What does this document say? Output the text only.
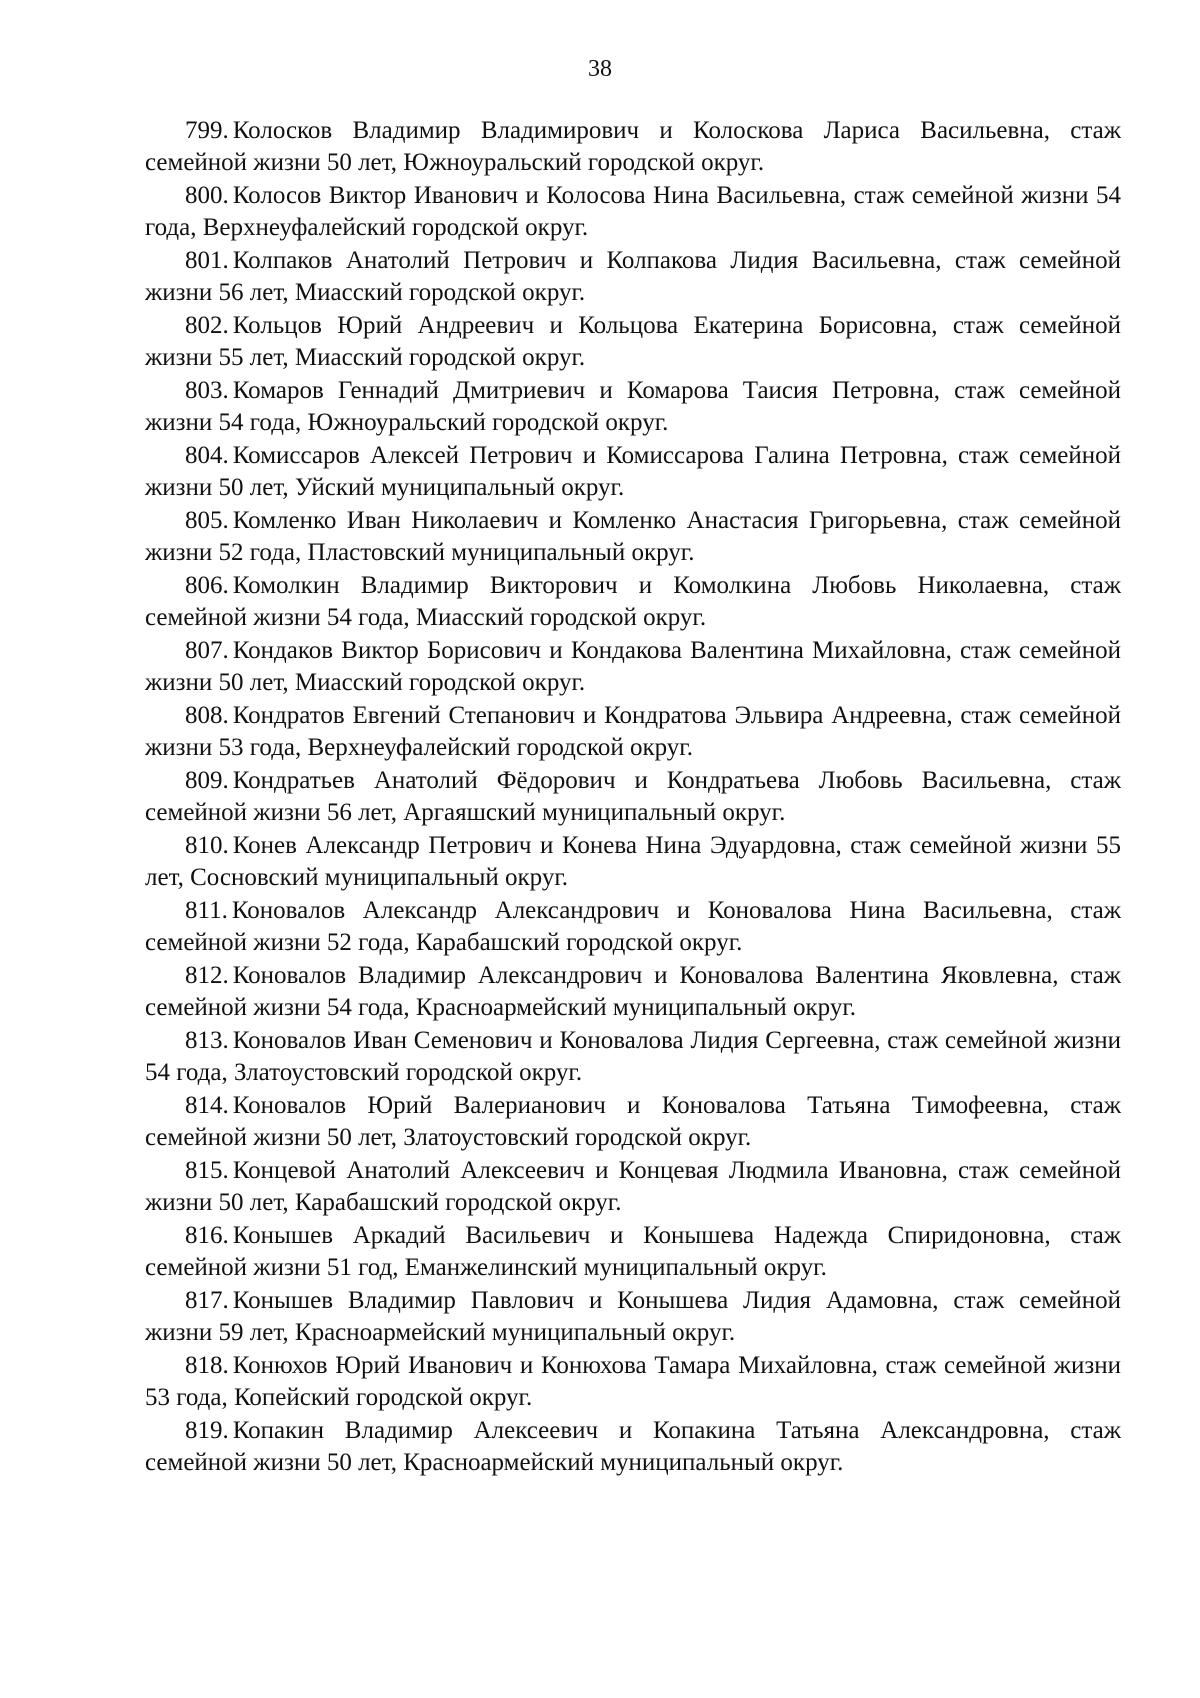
38

799. Колосков Владимир Владимирович и Колоскова Лариса Васильевна, стаж семейной жизни 50 лет, Южноуральский городской округ.

800. Колосов Виктор Иванович и Колосова Нина Васильевна, стаж семейной жизни 54 года, Верхнеуфалейский городской округ.

801. Колпаков Анатолий Петрович и Колпакова Лидия Васильевна, стаж семейной жизни 56 лет, Миасский городской округ.

802. Кольцов Юрий Андреевич и Кольцова Екатерина Борисовна, стаж семейной жизни 55 лет, Миасский городской округ.

803. Комаров Геннадий Дмитриевич и Комарова Таисия Петровна, стаж семейной жизни 54 года, Южноуральский городской округ.

804. Комиссаров Алексей Петрович и Комиссарова Галина Петровна, стаж семейной жизни 50 лет, Уйский муниципальный округ.

805. Комленко Иван Николаевич и Комленко Анастасия Григорьевна, стаж семейной жизни 52 года, Пластовский муниципальный округ.

806. Комолкин Владимир Викторович и Комолкина Любовь Николаевна, стаж семейной жизни 54 года, Миасский городской округ.

807. Кондаков Виктор Борисович и Кондакова Валентина Михайловна, стаж семейной жизни 50 лет, Миасский городской округ.

808. Кондратов Евгений Степанович и Кондратова Эльвира Андреевна, стаж семейной жизни 53 года, Верхнеуфалейский городской округ.

809. Кондратьев Анатолий Фёдорович и Кондратьева Любовь Васильевна, стаж семейной жизни 56 лет, Аргаяшский муниципальный округ.

810. Конев Александр Петрович и Конева Нина Эдуардовна, стаж семейной жизни 55 лет, Сосновский муниципальный округ.

811. Коновалов Александр Александрович и Коновалова Нина Васильевна, стаж семейной жизни 52 года, Карабашский городской округ.

812. Коновалов Владимир Александрович и Коновалова Валентина Яковлевна, стаж семейной жизни 54 года, Красноармейский муниципальный округ.

813. Коновалов Иван Семенович и Коновалова Лидия Сергеевна, стаж семейной жизни 54 года, Златоустовский городской округ.

814. Коновалов Юрий Валерианович и Коновалова Татьяна Тимофеевна, стаж семейной жизни 50 лет, Златоустовский городской округ.

815. Концевой Анатолий Алексеевич и Концевая Людмила Ивановна, стаж семейной жизни 50 лет, Карабашский городской округ.

816. Конышев Аркадий Васильевич и Конышева Надежда Спиридоновна, стаж семейной жизни 51 год, Еманжелинский муниципальный округ.

817. Конышев Владимир Павлович и Конышева Лидия Адамовна, стаж семейной жизни 59 лет, Красноармейский муниципальный округ.

818. Конюхов Юрий Иванович и Конюхова Тамара Михайловна, стаж семейной жизни 53 года, Копейский городской округ.

819. Копакин Владимир Алексеевич и Копакина Татьяна Александровна, стаж семейной жизни 50 лет, Красноармейский муниципальный округ.
